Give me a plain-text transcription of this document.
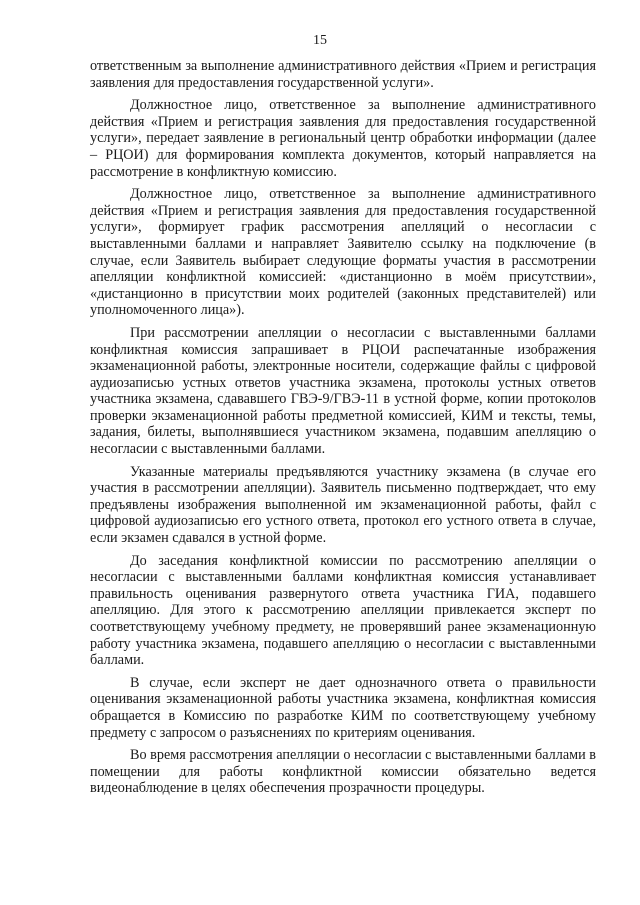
15

ответственным за выполнение административного действия «Прием и регистрация заявления для предоставления государственной услуги».

Должностное лицо, ответственное за выполнение административного действия «Прием и регистрация заявления для предоставления государственной услуги», передает заявление в региональный центр обработки информации (далее – РЦОИ) для формирования комплекта документов, который направляется на рассмотрение в конфликтную комиссию.

Должностное лицо, ответственное за выполнение административного действия «Прием и регистрация заявления для предоставления государственной услуги», формирует график рассмотрения апелляций о несогласии с выставленными баллами и направляет Заявителю ссылку на подключение (в случае, если Заявитель выбирает следующие форматы участия в рассмотрении апелляции конфликтной комиссией: «дистанционно в моём присутствии», «дистанционно в присутствии моих родителей (законных представителей) или уполномоченного лица»).

При рассмотрении апелляции о несогласии с выставленными баллами конфликтная комиссия запрашивает в РЦОИ распечатанные изображения экзаменационной работы, электронные носители, содержащие файлы с цифровой аудиозаписью устных ответов участника экзамена, протоколы устных ответов участника экзамена, сдававшего ГВЭ-9/ГВЭ-11 в устной форме, копии протоколов проверки экзаменационной работы предметной комиссией, КИМ и тексты, темы, задания, билеты, выполнявшиеся участником экзамена, подавшим апелляцию о несогласии с выставленными баллами.

Указанные материалы предъявляются участнику экзамена (в случае его участия в рассмотрении апелляции). Заявитель письменно подтверждает, что ему предъявлены изображения выполненной им экзаменационной работы, файл с цифровой аудиозаписью его устного ответа, протокол его устного ответа в случае, если экзамен сдавался в устной форме.

До заседания конфликтной комиссии по рассмотрению апелляции о несогласии с выставленными баллами конфликтная комиссия устанавливает правильность оценивания развернутого ответа участника ГИА, подавшего апелляцию. Для этого к рассмотрению апелляции привлекается эксперт по соответствующему учебному предмету, не проверявший ранее экзаменационную работу участника экзамена, подавшего апелляцию о несогласии с выставленными баллами.

В случае, если эксперт не дает однозначного ответа о правильности оценивания экзаменационной работы участника экзамена, конфликтная комиссия обращается в Комиссию по разработке КИМ по соответствующему учебному предмету с запросом о разъяснениях по критериям оценивания.

Во время рассмотрения апелляции о несогласии с выставленными баллами в помещении для работы конфликтной комиссии обязательно ведется видеонаблюдение в целях обеспечения прозрачности процедуры.
